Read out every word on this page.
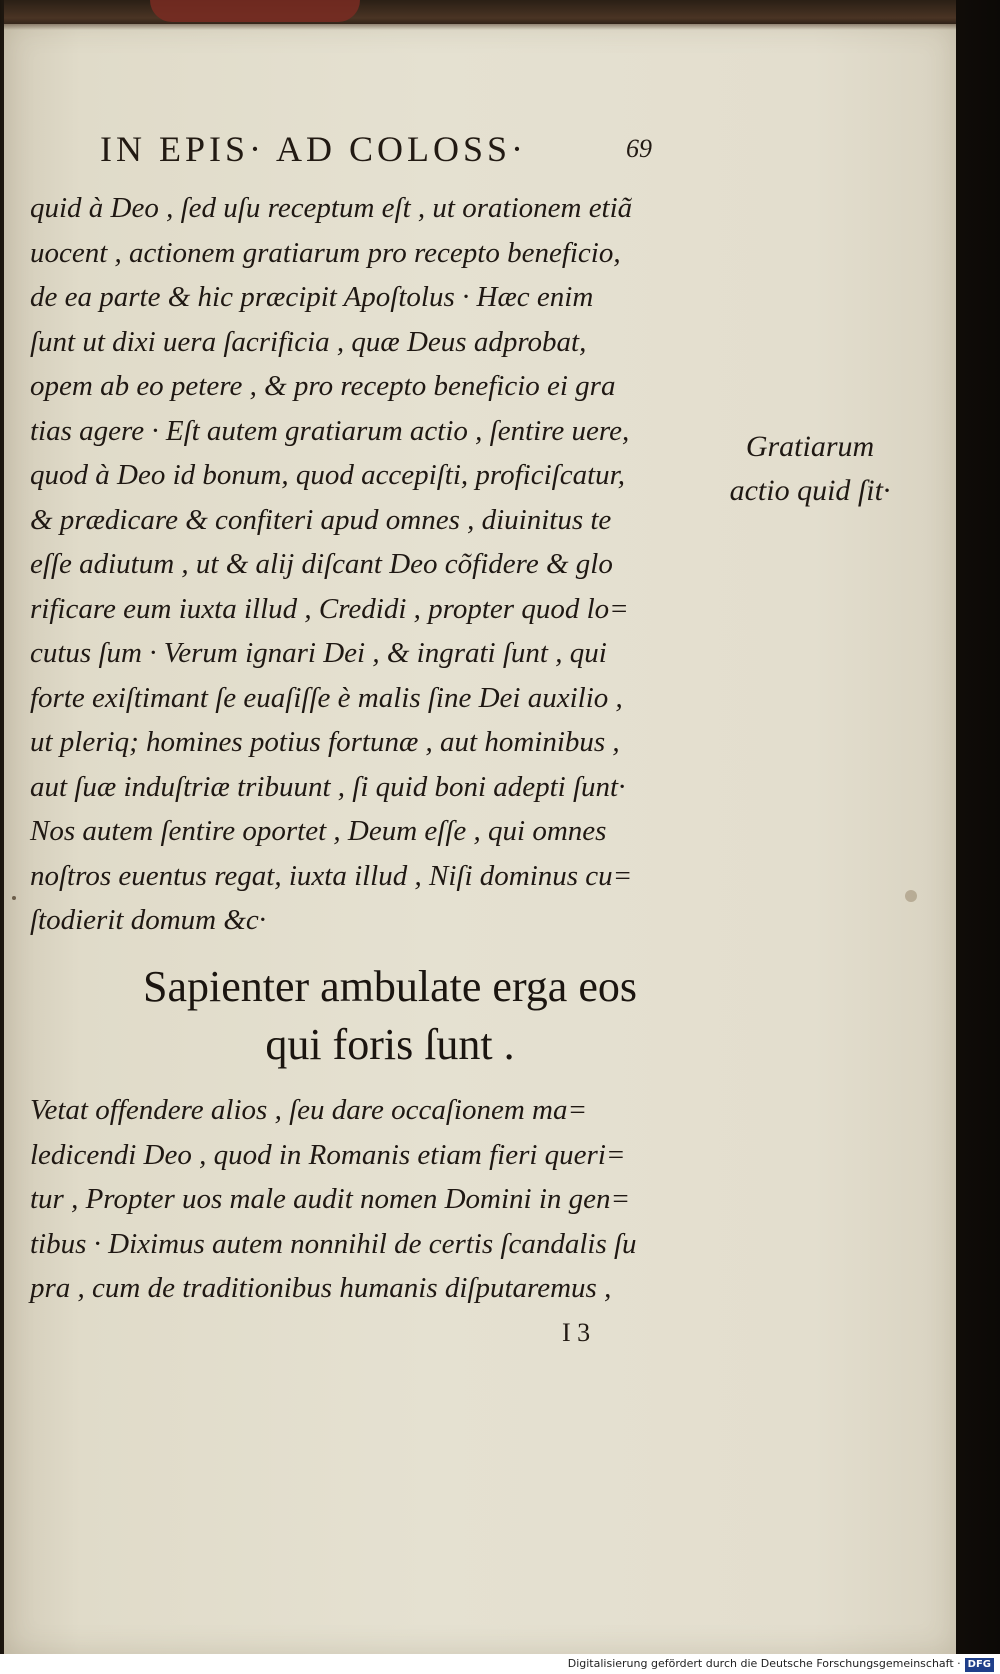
IN EPIS· AD COLOSS·	69
quid à Deo , ſed uſu receptum eſt , ut orationem etiã
uocent , actionem gratiarum pro recepto beneficio,
de ea parte & hic præcipit Apoſtolus · Hæc enim
ſunt ut dixi uera ſacrificia , quæ Deus adprobat,
opem ab eo petere , & pro recepto beneficio ei gra
tias agere · Eſt autem gratiarum actio , ſentire uere,
quod à Deo id bonum, quod accepiſti, proficiſcatur,
& prædicare & confiteri apud omnes , diuinitus te
eſſe adiutum , ut & alij diſcant Deo cõfidere & glo
rificare eum iuxta illud , Credidi , propter quod lo=
cutus ſum · Verum ignari Dei , & ingrati ſunt , qui
forte exiſtimant ſe euaſiſſe è malis ſine Dei auxilio ,
ut pleriq; homines potius fortunæ , aut hominibus ,
aut ſuæ induſtriæ tribuunt , ſi quid boni adepti ſunt·
Nos autem ſentire oportet , Deum eſſe , qui omnes
noſtros euentus regat, iuxta illud , Niſi dominus cu=
ſtodierit domum &c·
Gratiarum
actio quid ſit·
Sapienter ambulate erga eos
qui foris ſunt .
Vetat offendere alios , ſeu dare occaſionem ma=
ledicendi Deo , quod in Romanis etiam fieri queri=
tur , Propter uos male audit nomen Domini in gen=
tibus · Diximus autem nonnihil de certis ſcandalis ſu
pra , cum de traditionibus humanis diſputaremus ,
I 3
Digitalisierung gefördert durch die Deutsche Forschungsgemeinschaft · DFG
